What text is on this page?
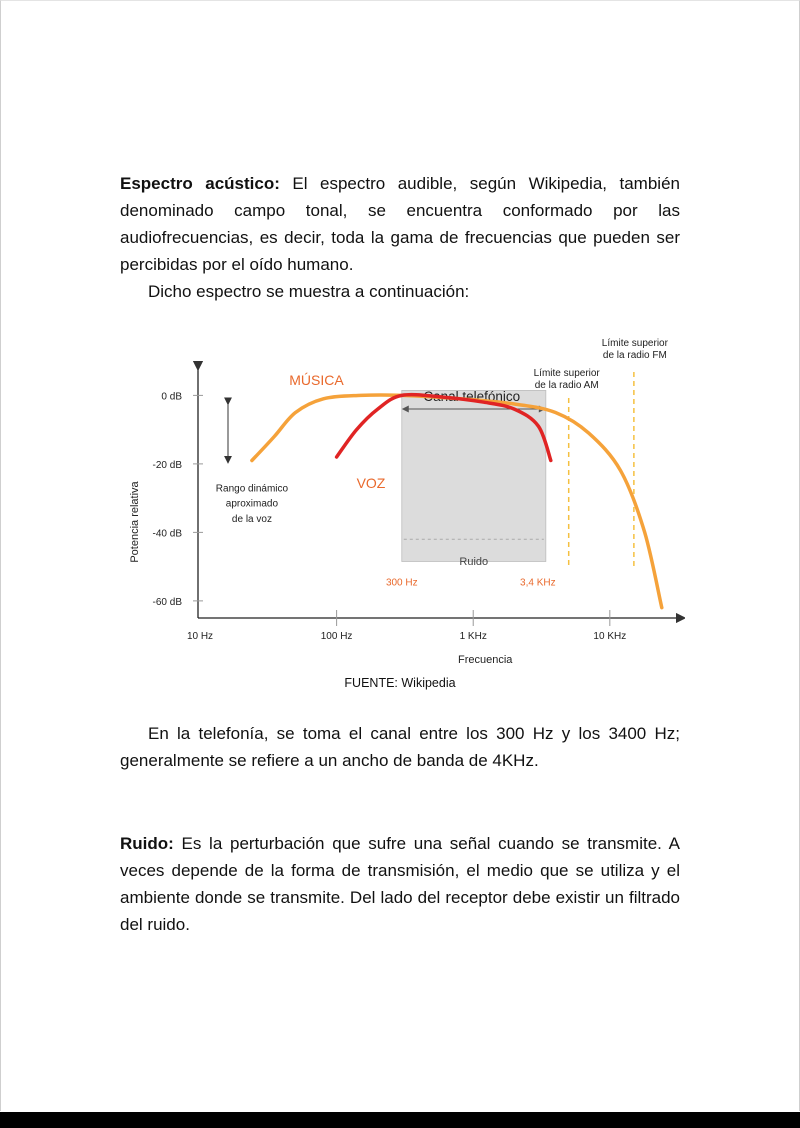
Espectro acústico: El espectro audible, según Wikipedia, también denominado campo tonal, se encuentra conformado por las audiofrecuencias, es decir, toda la gama de frecuencias que pueden ser percibidas por el oído humano.

Dicho espectro se muestra a continuación:

Canal telefónico
Ruido
300 Hz	3,4 KHz
Límite superior
de la radio AM
Límite superior
de la radio FM
0 dB
-20 dB
-40 dB
-60 dB
10 Hz	100 Hz	1 KHz	10 KHz
Potencia relativa
Frecuencia
MÚSICA
VOZ
Rango dinámico
aproximado
de la voz
FUENTE: Wikipedia

En la telefonía, se toma el canal entre los 300 Hz y los 3400 Hz; generalmente se refiere a un ancho de banda de 4KHz.

Ruido: Es la perturbación que sufre una señal cuando se transmite. A veces depende de la forma de transmisión, el medio que se utiliza y el ambiente donde se transmite. Del lado del receptor debe existir un filtrado del ruido.
